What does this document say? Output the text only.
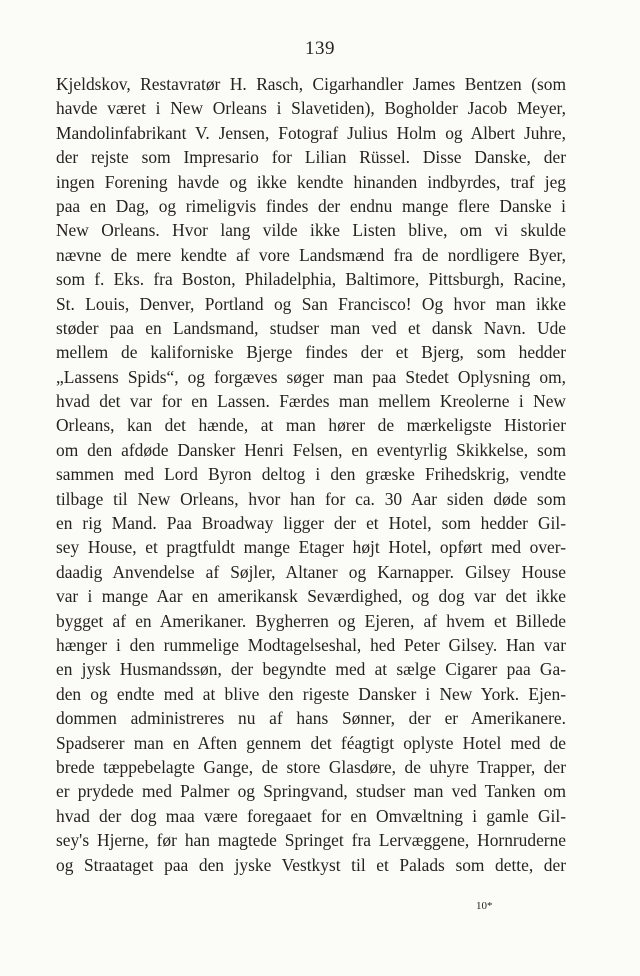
139
Kjeldskov, Restavratør H. Rasch, Cigarhandler James Bentzen (som
havde været i New Orleans i Slavetiden), Bogholder Jacob Meyer,
Mandolinfabrikant V. Jensen, Fotograf Julius Holm og Albert Juhre,
der rejste som Impresario for Lilian Rüssel. Disse Danske, der
ingen Forening havde og ikke kendte hinanden indbyrdes, traf jeg
paa en Dag, og rimeligvis findes der endnu mange flere Danske i
New Orleans. Hvor lang vilde ikke Listen blive, om vi skulde
nævne de mere kendte af vore Landsmænd fra de nordligere Byer,
som f. Eks. fra Boston, Philadelphia, Baltimore, Pittsburgh, Racine,
St. Louis, Denver, Portland og San Francisco! Og hvor man ikke
støder paa en Landsmand, studser man ved et dansk Navn. Ude
mellem de kaliforniske Bjerge findes der et Bjerg, som hedder
„Lassens Spids“, og forgæves søger man paa Stedet Oplysning om,
hvad det var for en Lassen. Færdes man mellem Kreolerne i New
Orleans, kan det hænde, at man hører de mærkeligste Historier
om den afdøde Dansker Henri Felsen, en eventyrlig Skikkelse, som
sammen med Lord Byron deltog i den græske Frihedskrig, vendte
tilbage til New Orleans, hvor han for ca. 30 Aar siden døde som
en rig Mand. Paa Broadway ligger der et Hotel, som hedder Gil-
sey House, et pragtfuldt mange Etager højt Hotel, opført med over-
daadig Anvendelse af Søjler, Altaner og Karnapper. Gilsey House
var i mange Aar en amerikansk Seværdighed, og dog var det ikke
bygget af en Amerikaner. Bygherren og Ejeren, af hvem et Billede
hænger i den rummelige Modtagelseshal, hed Peter Gilsey. Han var
en jysk Husmandssøn, der begyndte med at sælge Cigarer paa Ga-
den og endte med at blive den rigeste Dansker i New York. Ejen-
dommen administreres nu af hans Sønner, der er Amerikanere.
Spadserer man en Aften gennem det féagtigt oplyste Hotel med de
brede tæppebelagte Gange, de store Glasdøre, de uhyre Trapper, der
er prydede med Palmer og Springvand, studser man ved Tanken om
hvad der dog maa være foregaaet for en Omvæltning i gamle Gil-
sey's Hjerne, før han magtede Springet fra Lervæggene, Hornruderne
og Straataget paa den jyske Vestkyst til et Palads som dette, der
10*
